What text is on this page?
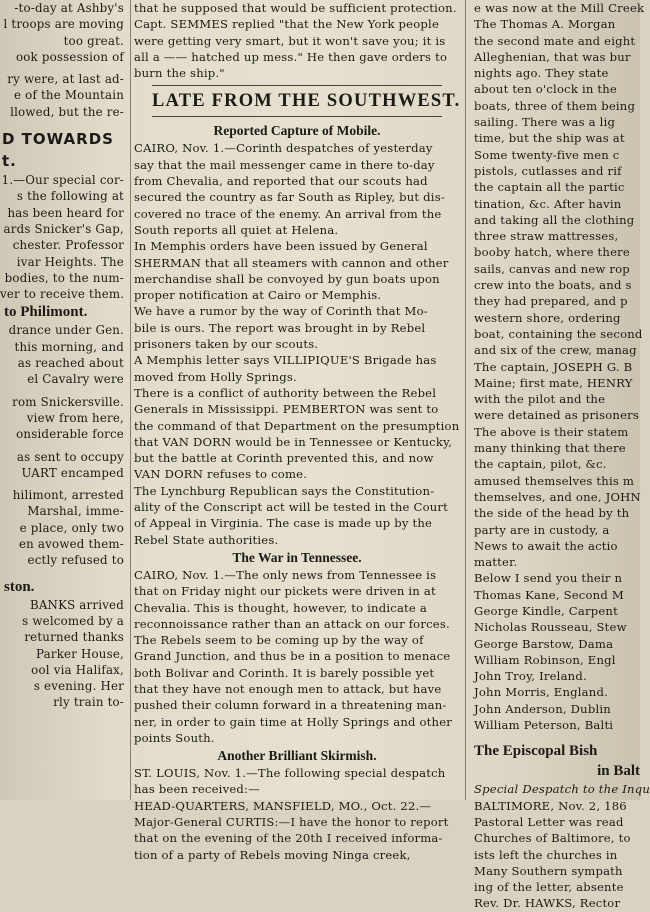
-to-day at Ashby's
l troops are moving
too great.
ook possession of
ry were, at last ad-
e of the Mountain
llowed, but the re-
D TOWARDS
t.
1.—Our special cor-
s the following at
has been heard for
ards Snicker's Gap,
chester. Professor
ivar Heights. The
bodies, to the num-
ver to receive them.
to Philimont.
drance under Gen.
this morning, and
as reached about
el Cavalry were
rom Snickersville.
view from here,
onsiderable force
as sent to occupy
UART encamped
hilimont, arrested
Marshal, imme-
e place, only two
en avowed them-
ectly refused to
ston.
BANKS arrived
s welcomed by a
returned thanks
Parker House,
ool via Halifax,
s evening. Her
rly train to-
that he supposed that would be sufficient protection.
Capt. SEMMES replied "that the New York people
were getting very smart, but it won't save you; it is
all a —— hatched up mess." He then gave orders to
burn the ship."
LATE FROM THE SOUTHWEST.
Reported Capture of Mobile.
CAIRO, Nov. 1.—Corinth despatches of yesterday
say that the mail messenger came in there to-day
from Chevalia, and reported that our scouts had
secured the country as far South as Ripley, but dis-
covered no trace of the enemy. An arrival from the
South reports all quiet at Helena.
In Memphis orders have been issued by General
SHERMAN that all steamers with cannon and other
merchandise shall be convoyed by gun boats upon
proper notification at Cairo or Memphis.
We have a rumor by the way of Corinth that Mo-
bile is ours. The report was brought in by Rebel
prisoners taken by our scouts.
A Memphis letter says VILLIPIQUE'S Brigade has
moved from Holly Springs.
There is a conflict of authority between the Rebel
Generals in Mississippi. PEMBERTON was sent to
the command of that Department on the presumption
that VAN DORN would be in Tennessee or Kentucky,
but the battle at Corinth prevented this, and now
VAN DORN refuses to come.
The Lynchburg Republican says the Constitution-
ality of the Conscript act will be tested in the Court
of Appeal in Virginia. The case is made up by the
Rebel State authorities.
The War in Tennessee.
CAIRO, Nov. 1.—The only news from Tennessee is
that on Friday night our pickets were driven in at
Chevalia. This is thought, however, to indicate a
reconnoissance rather than an attack on our forces.
The Rebels seem to be coming up by the way of
Grand Junction, and thus be in a position to menace
both Bolivar and Corinth. It is barely possible yet
that they have not enough men to attack, but have
pushed their column forward in a threatening man-
ner, in order to gain time at Holly Springs and other
points South.
Another Brilliant Skirmish.
ST. LOUIS, Nov. 1.—The following special despatch
has been received:—
HEAD-QUARTERS, MANSFIELD, MO., Oct. 22.—
Major-General CURTIS:—I have the honor to report
that on the evening of the 20th I received informa-
tion of a party of Rebels moving Ninga creek,
e was now at the Mill Creek
The Thomas A. Morgan
the second mate and eight
Alleghenian, that was bur
nights ago. They state
about ten o'clock in the
boats, three of them being
sailing. There was a lig
time, but the ship was at
Some twenty-five men c
pistols, cutlasses and rif
the captain all the partic
tination, &c. After havin
and taking all the clothing
three straw mattresses,
booby hatch, where there
sails, canvas and new rop
crew into the boats, and s
they had prepared, and p
western shore, ordering
boat, containing the second
and six of the crew, manag
The captain, JOSEPH G. B
Maine; first mate, HENRY
with the pilot and the
were detained as prisoners
The above is their statem
many thinking that there
the captain, pilot, &c.
amused themselves this m
themselves, and one, JOHN
the side of the head by th
party are in custody, a
News to await the actio
matter.
Below I send you their n
Thomas Kane, Second M
George Kindle, Carpent
Nicholas Rousseau, Stew
George Barstow, Dama
William Robinson, Engl
John Troy, Ireland.
John Morris, England.
John Anderson, Dublin
William Peterson, Balti
The Episcopal Bish
in Balt
Special Despatch to the Inqu
BALTIMORE, Nov. 2, 186
Pastoral Letter was read
Churches of Baltimore, to
ists left the churches in
Many Southern sympath
ing of the letter, absente
Rev. Dr. HAWKS, Rector
